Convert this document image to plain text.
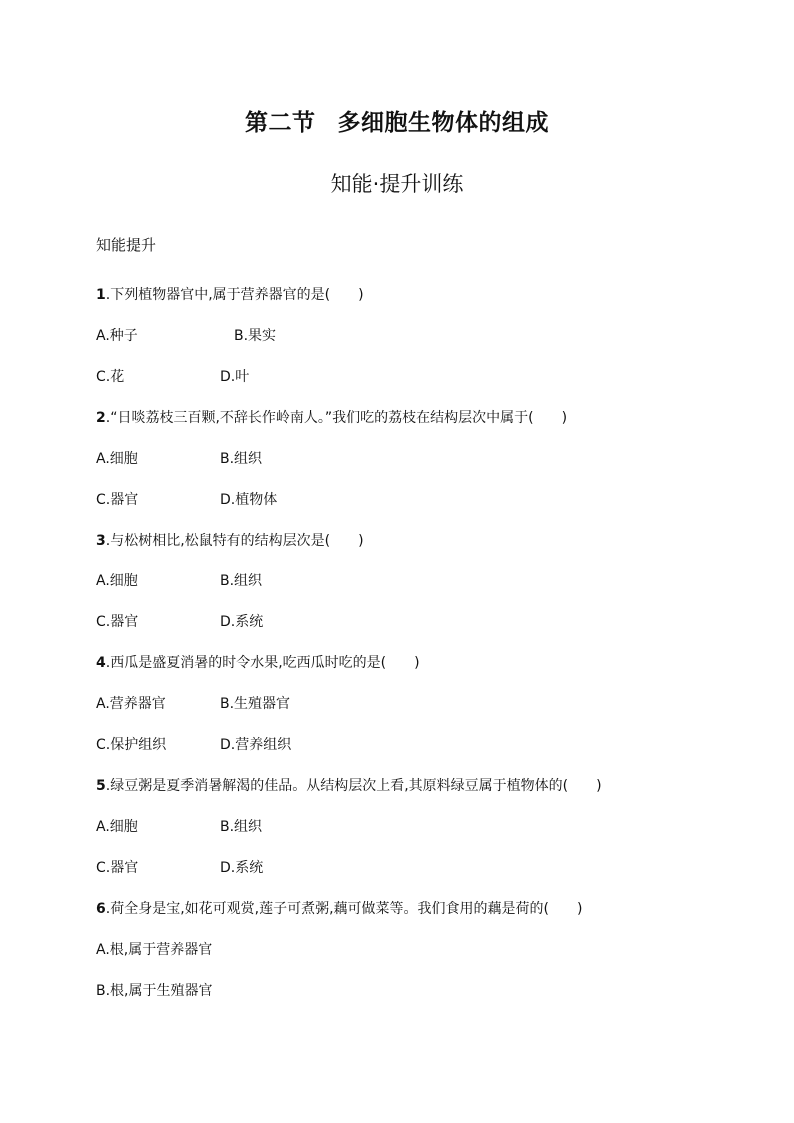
第二节 多细胞生物体的组成
知能·提升训练
知能提升
1.下列植物器官中,属于营养器官的是( )
A.种子	B.果实
C.花	D.叶
2.“日啖荔枝三百颗,不辞长作岭南人。”我们吃的荔枝在结构层次中属于( )
A.细胞	B.组织
C.器官	D.植物体
3.与松树相比,松鼠特有的结构层次是( )
A.细胞	B.组织
C.器官	D.系统
4.西瓜是盛夏消暑的时令水果,吃西瓜时吃的是( )
A.营养器官	B.生殖器官
C.保护组织	D.营养组织
5.绿豆粥是夏季消暑解渴的佳品。从结构层次上看,其原料绿豆属于植物体的( )
A.细胞	B.组织
C.器官	D.系统
6.荷全身是宝,如花可观赏,莲子可煮粥,藕可做菜等。我们食用的藕是荷的( )
A.根,属于营养器官
B.根,属于生殖器官
